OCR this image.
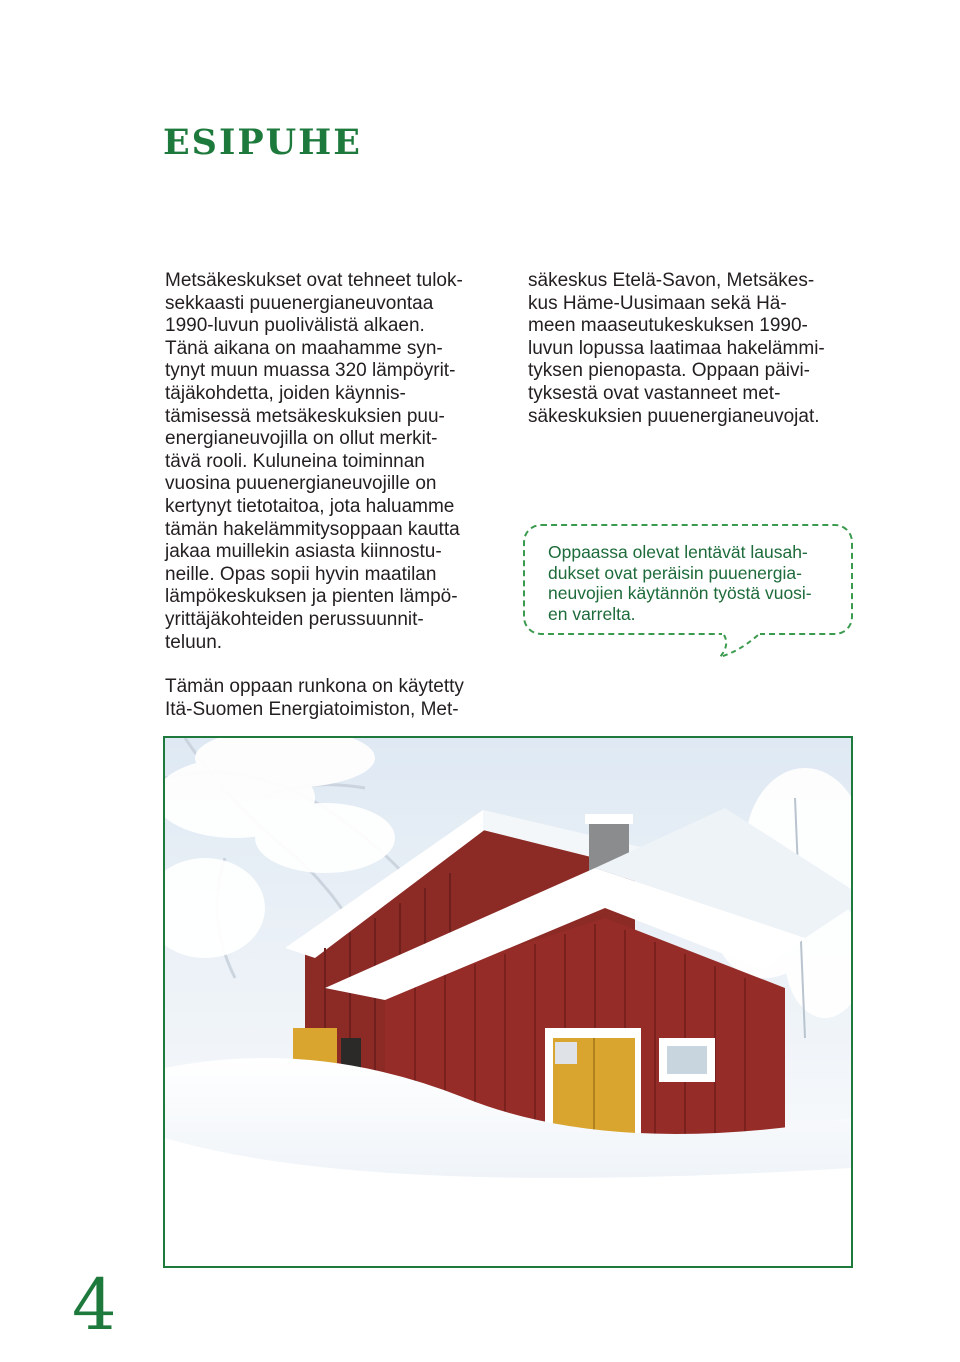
esipuhe

Metsäkeskukset ovat tehneet tulok-
sekkaasti puuenergianeuvontaa
1990-luvun puolivälistä alkaen.
Tänä aikana on maahamme syn-
tynyt muun muassa 320 lämpöyrit-
täjäkohdetta, joiden käynnis-
tämisessä metsäkeskuksien puu-
energianeuvojilla on ollut merkit-
tävä rooli. Kuluneina toiminnan
vuosina puuenergianeuvojille on
kertynyt tietotaitoa, jota haluamme
tämän hakelämmitysoppaan kautta
jakaa muillekin asiasta kiinnostu-
neille. Opas sopii hyvin maatilan
lämpökeskuksen ja pienten lämpö-
yrittäjäkohteiden perussuunnit-
teluun.

Tämän oppaan runkona on käytetty
Itä-Suomen Energiatoimiston, Met-

säkeskus Etelä-Savon, Metsäkes-
kus Häme-Uusimaan sekä Hä-
meen maaseutukeskuksen 1990-
luvun lopussa laatimaa hakelämmi-
tyksen pienopasta. Oppaan päivi-
tyksestä ovat vastanneet met-
säkeskuksien puuenergianeuvojat.

Oppaassa olevat lentävät lausah-
dukset ovat peräisin puuenergia-
neuvojien käytännön työstä vuosi-
en varrelta.
4
